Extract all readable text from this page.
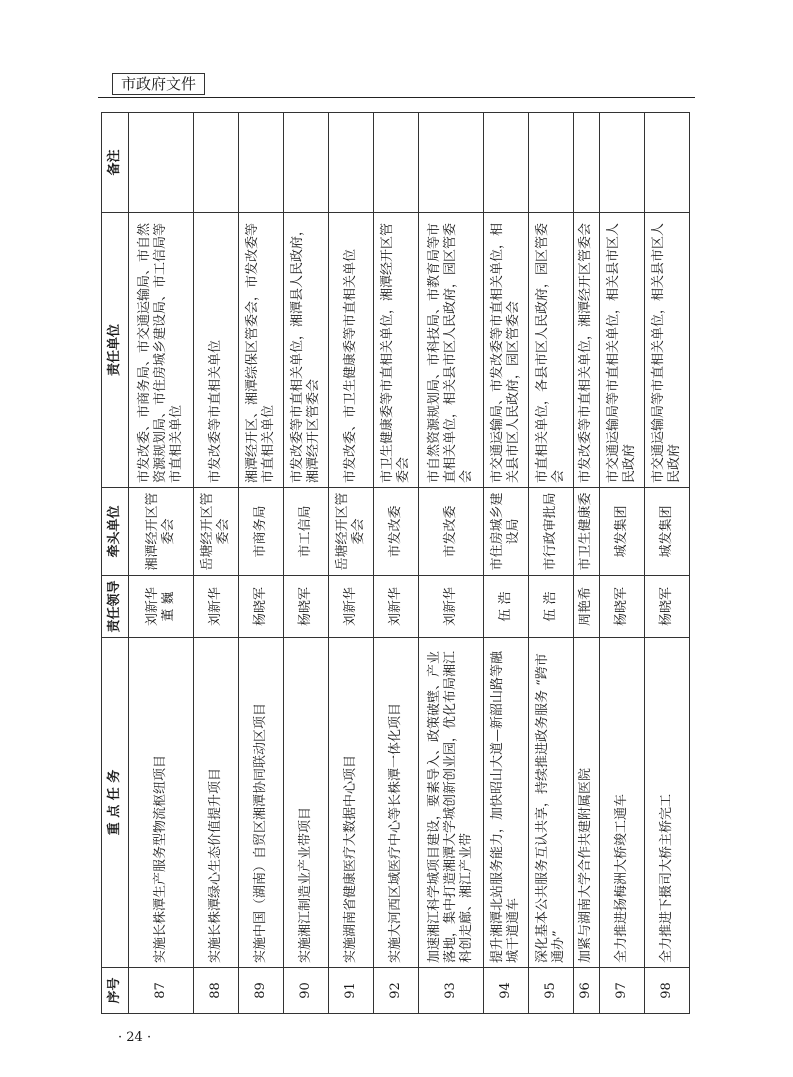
市政府文件
序号	重 点 任 务	责任领导	牵头单位	责任单位	备注
87	实施长株潭生产服务型物流枢纽项目	刘新华 董 巍	湘潭经开区管委会	市发改委、市商务局、市交通运输局、市自然资源规划局、市住房城乡建设局、市工信局等市直相关单位	
88	实施长株潭绿心生态价值提升项目	刘新华	岳塘经开区管委会	市发改委等市直相关单位	
89	实施中国（湖南）自贸区湘潭协同联动区项目	杨晓军	市商务局	湘潭经开区、湘潭综保区管委会，市发改委等市直相关单位	
90	实施湘江制造业产业带项目	杨晓军	市工信局	市发改委等市直相关单位，湘潭县人民政府，湘潭经开区管委会	
91	实施湖南省健康医疗大数据中心项目	刘新华	岳塘经开区管委会	市发改委、市卫生健康委等市直相关单位	
92	实施大河西区域医疗中心等长株潭一体化项目	刘新华	市发改委	市卫生健康委等市直相关单位，湘潭经开区管委会	
93	加速湘江科学城项目建设，要素导入、政策破壁、产业落地，集中打造湘潭大学城创新创业园，优化布局湘江科创走廊、湘江产业带	刘新华	市发改委	市自然资源规划局、市科技局、市教育局等市直相关单位，相关县市区人民政府，园区管委会	
94	提升湘潭北站服务能力，加快昭山大道—新韶山路等融城干道通车	伍 浩	市住房城乡建设局	市交通运输局、市发改委等市直相关单位，相关县市区人民政府，园区管委会	
95	深化基本公共服务互认共享，持续推进政务服务 “跨市通办”	伍 浩	市行政审批局	市直相关单位，各县市区人民政府，园区管委会	
96	加紧与湖南大学合作共建附属医院	周艳希	市卫生健康委	市发改委等市直相关单位，湘潭经开区管委会	
97	全力推进扬梅洲大桥竣工通车	杨晓军	城发集团	市交通运输局等市直相关单位，相关县市区人民政府	
98	全力推进下摄司大桥主桥完工	杨晓军	城发集团	市交通运输局等市直相关单位，相关县市区人民政府	
· 24 ·
